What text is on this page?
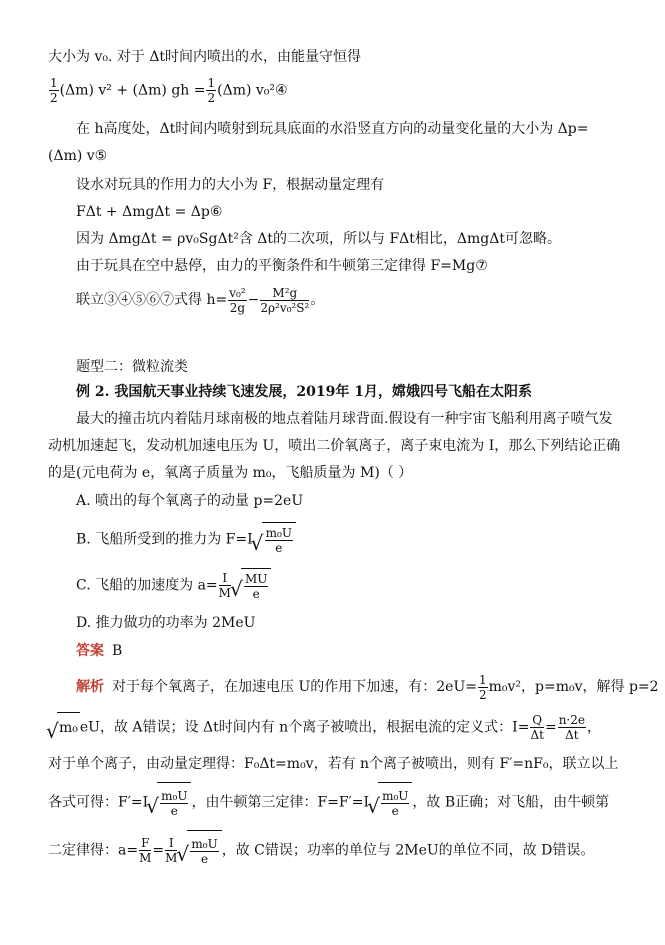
大小为 v₀. 对于 Δt时间内喷出的水，由能量守恒得
$\frac{1}{2} (\Delta m) v^2 + (\Delta m)$ gh = $\frac{1}{2} (\Delta m)$ v₀²④
在 h高度处，Δt时间内喷射到玩具底面的水沿竖直方向的动量变化量的大小为 Δp=
(Δm) v⑤
设水对玩具的作用力的大小为 F，根据动量定理有
FΔt + ΔmgΔt = Δp⑥
因为 ΔmgΔt = ρv₀SgΔt²含 Δt的二次项，所以与 FΔt相比，ΔmgΔt可忽略。
由于玩具在空中悬停，由力的平衡条件和牛顿第三定律得 F=Mg⑦
联立③④⑤⑥⑦式得 $h= \frac{\text{v₀²}}{2g} - \frac{\text{M²g}}{\text{2ρ²v₀²S²}}$ 。
题型二：微粒流类
例 2. 我国航天事业持续飞速发展，2019年 1月，嫦娥四号飞船在太阳系
最大的撞击坑内着陆月球南极的地点着陆月球背面.假设有一种宇宙飞船利用离子喷气发
动机加速起飞，发动机加速电压为 U，喷出二价氧离子，离子束电流为 I，那么下列结论正确
的是(元电荷为 e，氧离子质量为 m₀，飞船质量为 M)（ ）
A. 喷出的每个氧离子的动量 p=2eU
B. 飞船所受到的推力为 F=I √ $\frac{\text{m₀U}}{e}$
C. 飞船的加速度为 $a= \frac{I}{M}$ √ $\frac{MU}{e}$
D. 推力做功的功率为 2MeU
答案 B
解析 对于每个氧离子，在加速电压 U的作用下加速，有：$2eU= \frac{1}{2} m_0v^2$，p=m₀v，解得 p=2
√ m₀ eU，故 A错误；设 Δt时间内有 n个离子被喷出，根据电流的定义式：$I= \frac{Q}{\Delta t} = \frac{n\cdot 2e}{\Delta t}$ ，
对于单个离子，由动量定理得：F₀Δt=m₀v，若有 n个离子被喷出，则有 F′=nF₀，联立以上
各式可得：F′=I √ $\frac{\text{m₀U}}{e}$ ，由牛顿第三定律：F=F′=I √ $\frac{\text{m₀U}}{e}$ ，故 B正确；对飞船，由牛顿第
二定律得：$a= \frac{F}{M} = \frac{I}{M}$ √ $\frac{\text{m₀U}}{e}$ ，故 C错误；功率的单位与 2MeU的单位不同，故 D错误。
